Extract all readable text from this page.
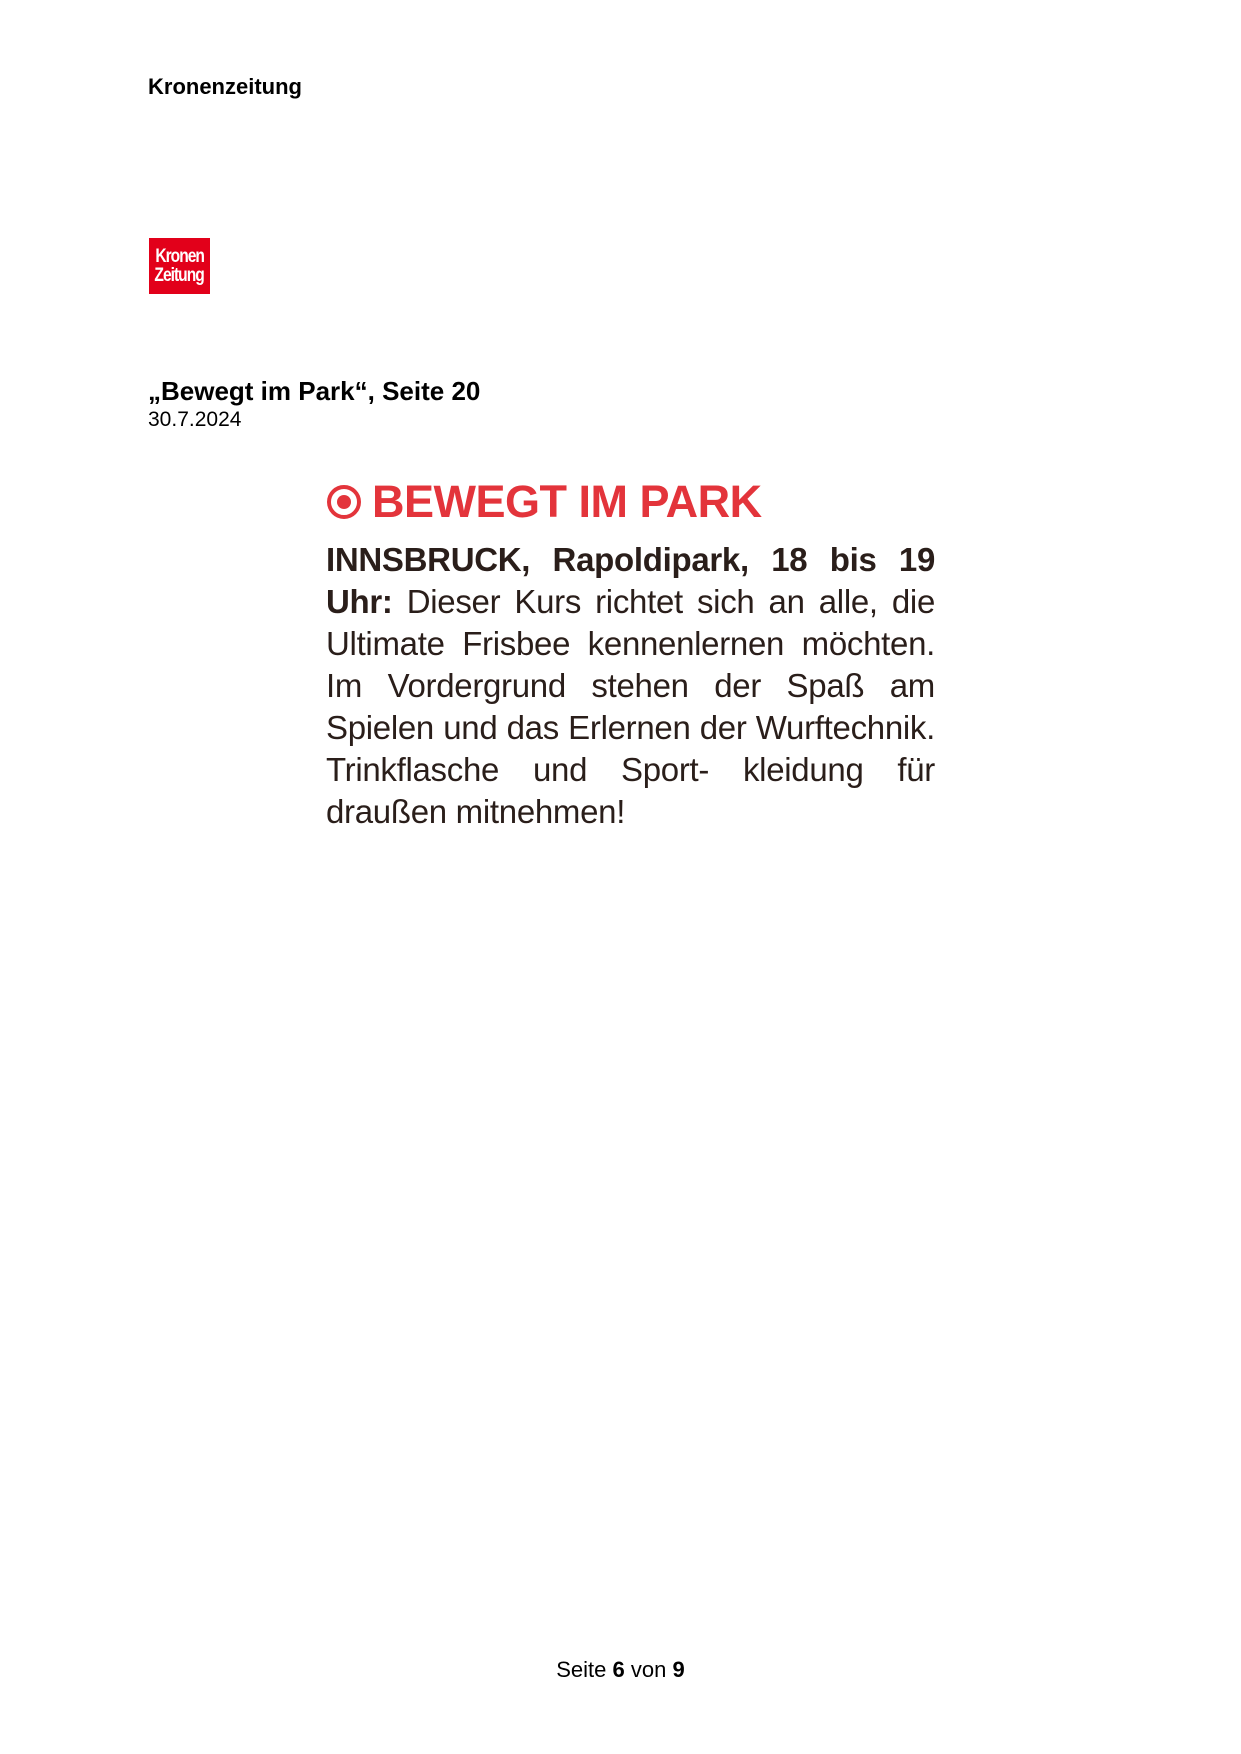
Kronenzeitung
Kronen
Zeitung
„Bewegt im Park“, Seite 20
30.7.2024
BEWEGT IM PARK
INNSBRUCK, Rapoldipark, 18 bis 19 Uhr: Dieser Kurs richtet sich an alle, die Ultimate Frisbee kennenlernen möchten. Im Vordergrund stehen der Spaß am Spielen und das Erlernen der Wurftechnik. Trinkflasche und Sport- kleidung für draußen mitnehmen!
Seite 6 von 9
